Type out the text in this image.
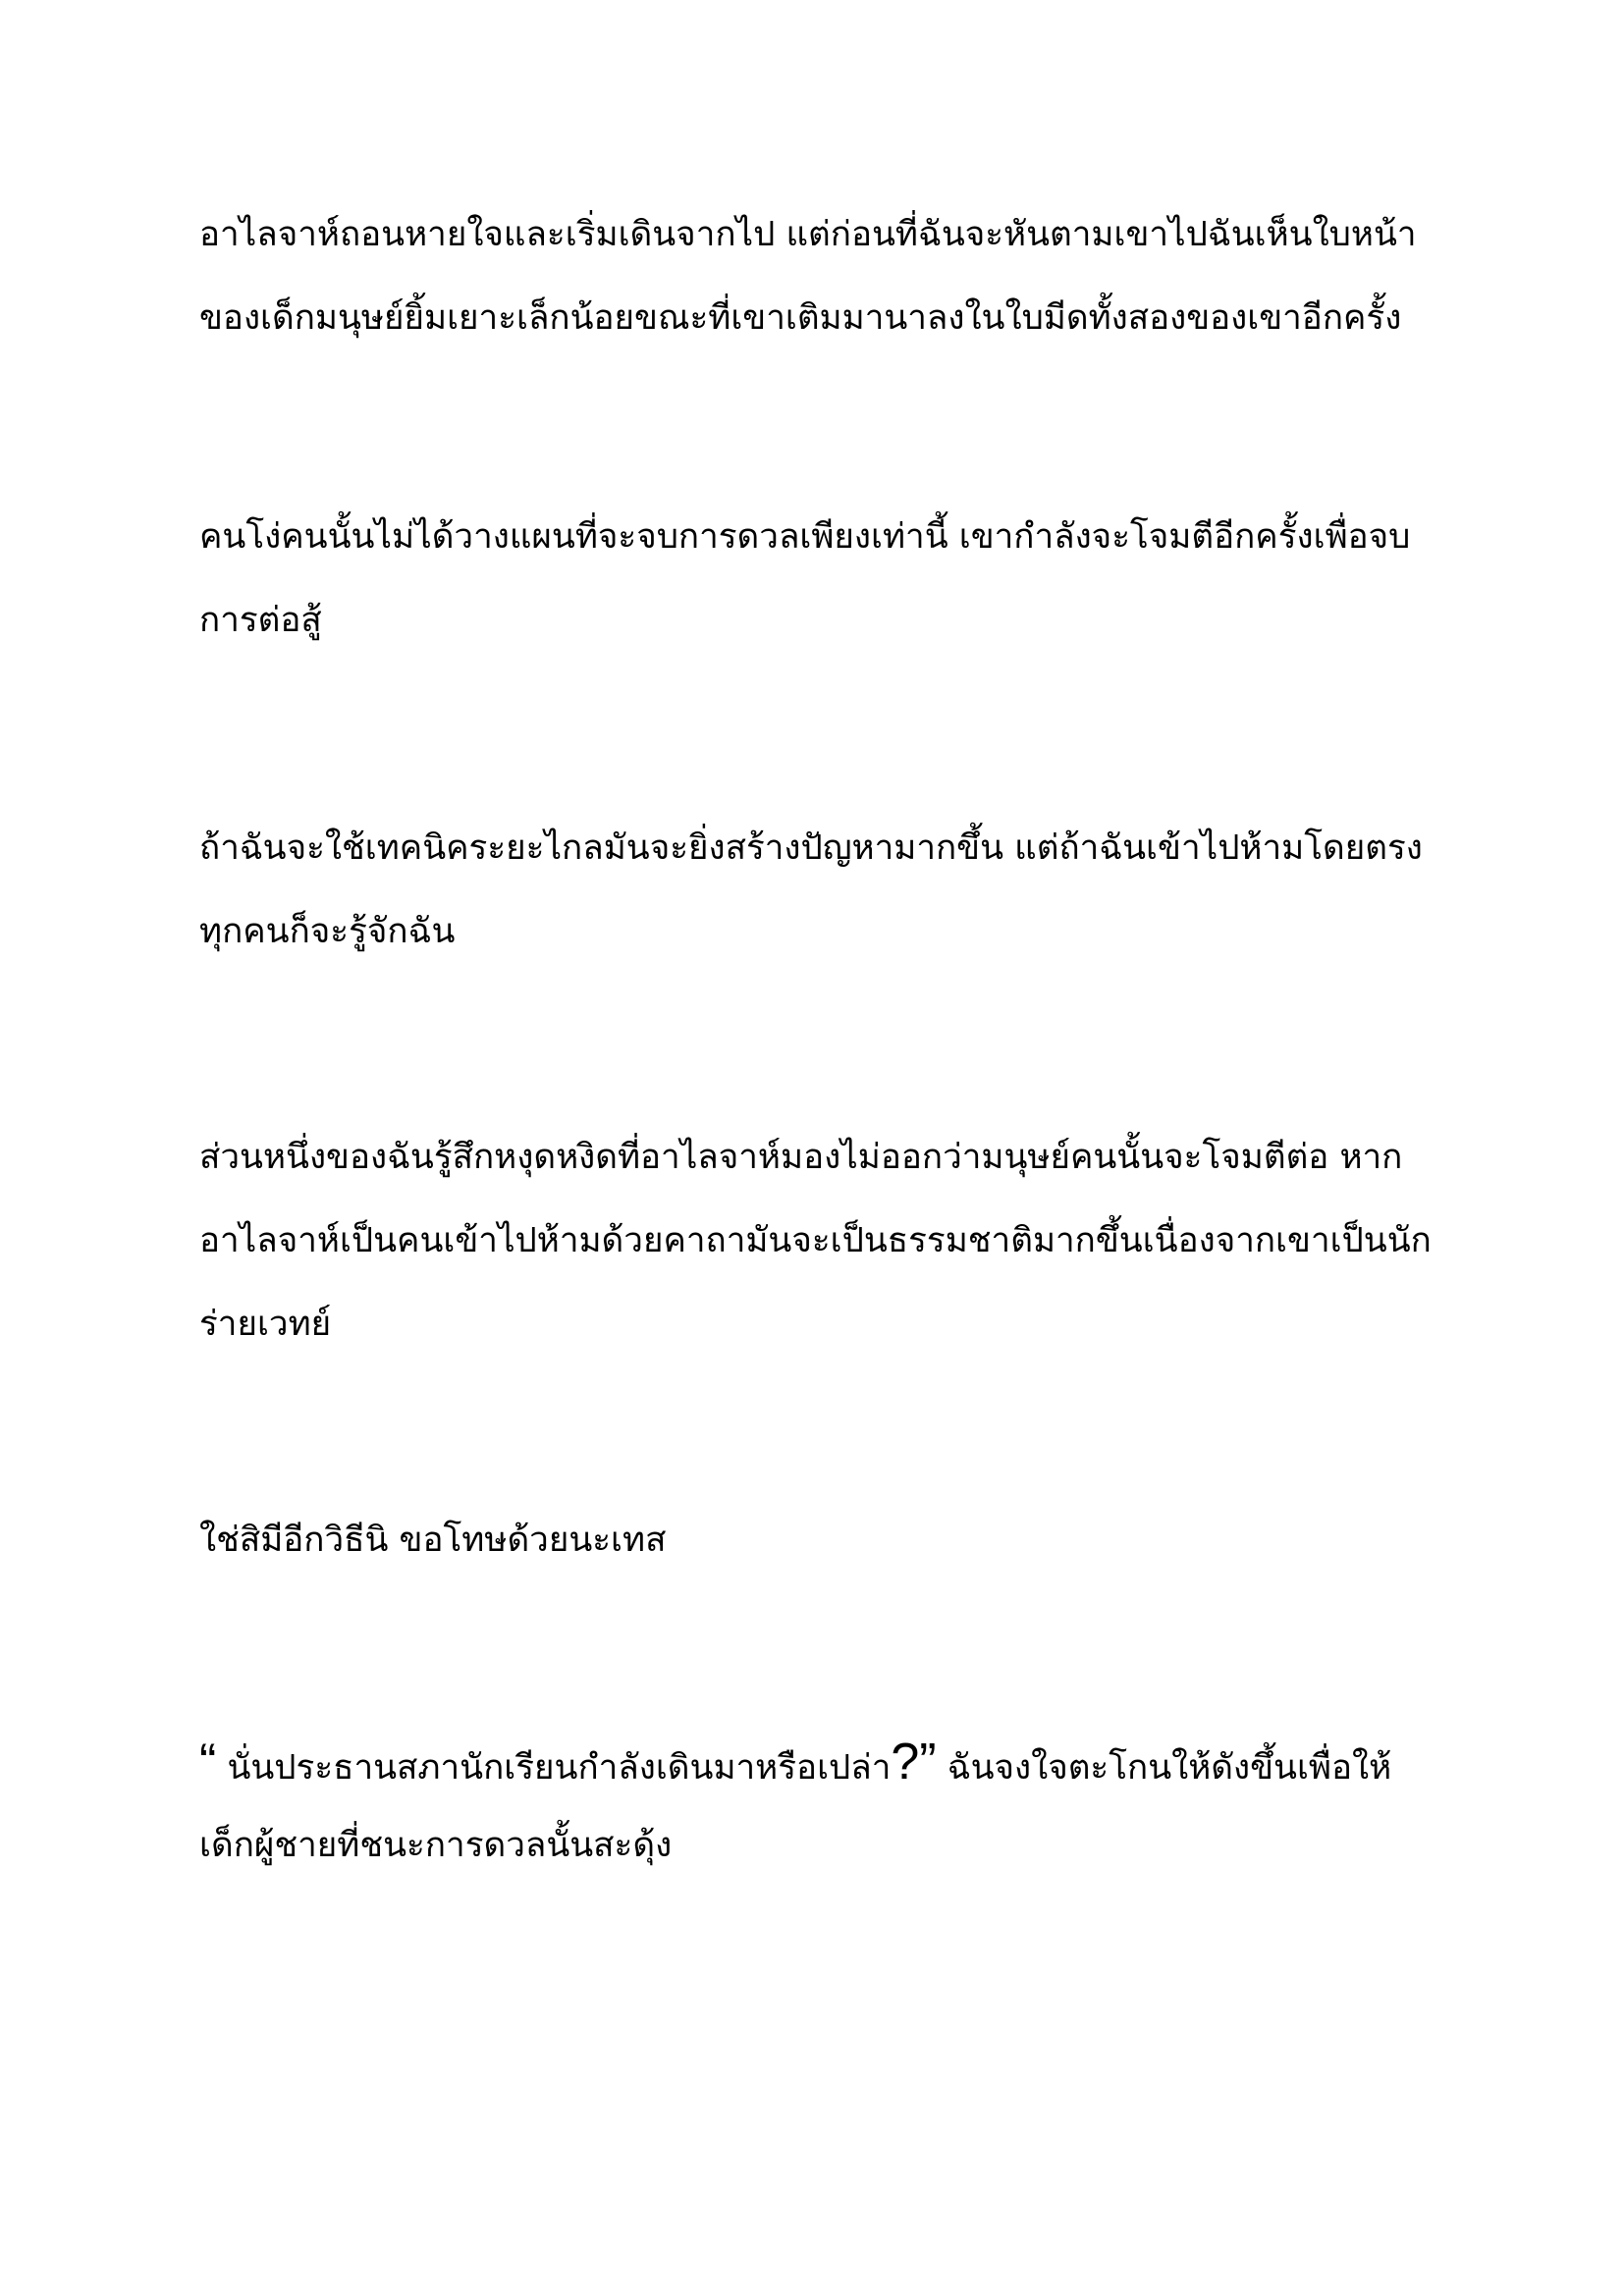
อาไลจาห์ถอนหายใจและเริ่มเดินจากไป แต่ก่อนที่ฉันจะหันตามเขาไปฉันเห็นใบหน้า
ของเด็กมนุษย์ยิ้มเยาะเล็กน้อยขณะที่เขาเติมมานาลงในใบมีดทั้งสองของเขาอีกครั้ง

คนโง่คนนั้นไม่ได้วางแผนที่จะจบการดวลเพียงเท่านี้ เขากำลังจะโจมตีอีกครั้งเพื่อจบ
การต่อสู้

ถ้าฉันจะใช้เทคนิคระยะไกลมันจะยิ่งสร้างปัญหามากขึ้น แต่ถ้าฉันเข้าไปห้ามโดยตรง
ทุกคนก็จะรู้จักฉัน

ส่วนหนึ่งของฉันรู้สึกหงุดหงิดที่อาไลจาห์มองไม่ออกว่ามนุษย์คนนั้นจะโจมตีต่อ หาก
อาไลจาห์เป็นคนเข้าไปห้ามด้วยคาถามันจะเป็นธรรมชาติมากขึ้นเนื่องจากเขาเป็นนัก
ร่ายเวทย์

ใช่สิมีอีกวิธีนิ ขอโทษด้วยนะเทส

“ นั่นประธานสภานักเรียนกำลังเดินมาหรือเปล่า?” ฉันจงใจตะโกนให้ดังขึ้นเพื่อให้
เด็กผู้ชายที่ชนะการดวลนั้นสะดุ้ง
